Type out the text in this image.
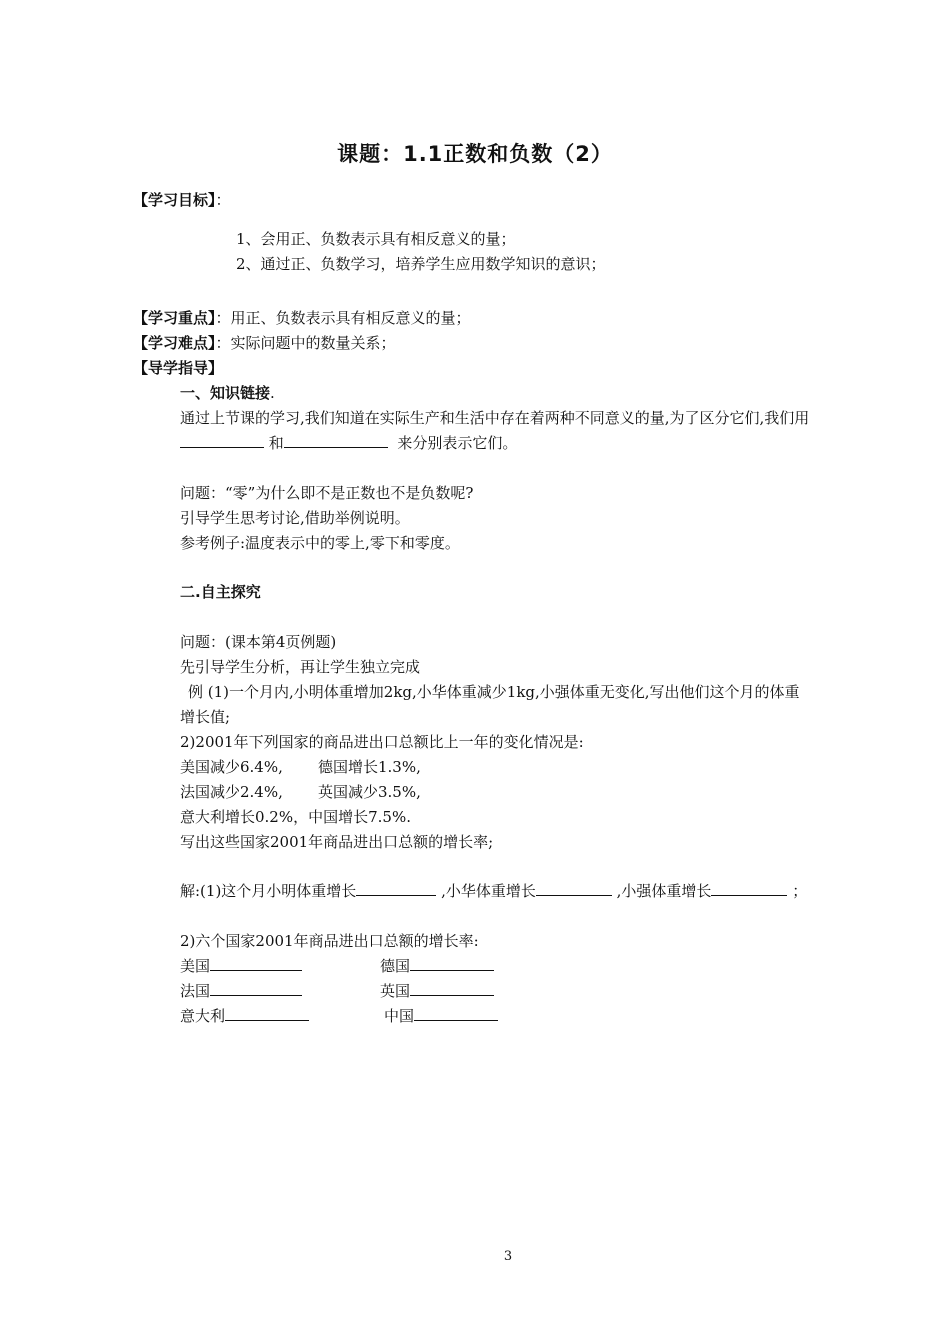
课题：1.1正数和负数（2）
【学习目标】：
1、会用正、负数表示具有相反意义的量；
2、通过正、负数学习，培养学生应用数学知识的意识；
【学习重点】：用正、负数表示具有相反意义的量；
【学习难点】：实际问题中的数量关系；
【导学指导】
一、知识链接.
通过上节课的学习,我们知道在实际生产和生活中存在着两种不同意义的量,为了区分它们,我们用
和	来分别表示它们。
问题：“零”为什么即不是正数也不是负数呢?
引导学生思考讨论,借助举例说明。
参考例子:温度表示中的零上,零下和零度。
二.自主探究
问题：(课本第4页例题)
先引导学生分析，再让学生独立完成
例 (1)一个月内,小明体重增加2kg,小华体重减少1kg,小强体重无变化,写出他们这个月的体重
增长值;
2)2001年下列国家的商品进出口总额比上一年的变化情况是:
美国减少6.4%, 德国增长1.3%,
法国减少2.4%, 英国减少3.5%,
意大利增长0.2%，中国增长7.5%.
写出这些国家2001年商品进出口总额的增长率;
解:(1)这个月小明体重增长	,小华体重增长	,小强体重增长	；
2)六个国家2001年商品进出口总额的增长率:
美国	德国
法国	英国
意大利	中国
3
